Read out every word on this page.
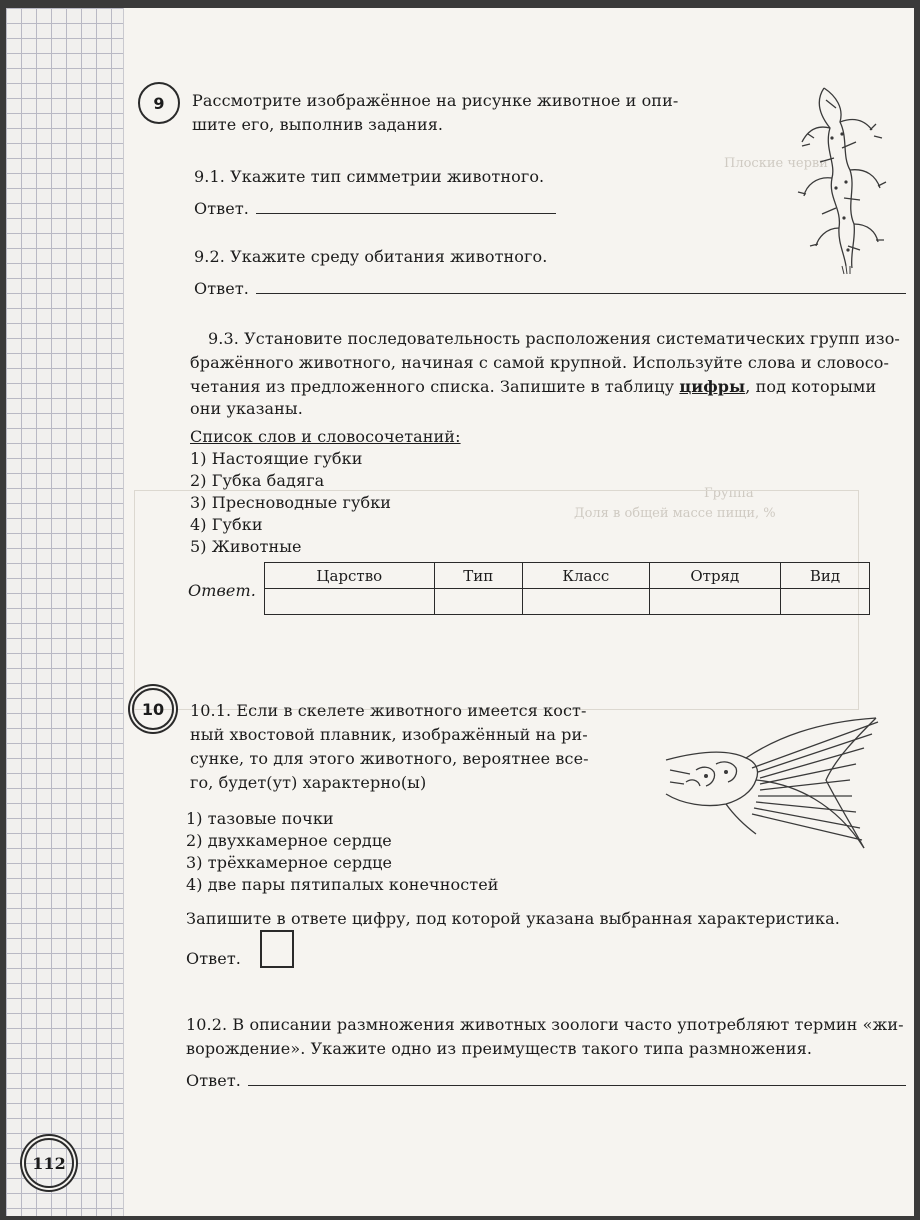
Плоские черви
Группа
Доля в общей массе пищи, %
9 Рассмотрите изображённое на рисунке животное и опи-
шите его, выполнив задания.
9.1. Укажите тип симметрии животного.
Ответ.
9.2. Укажите среду обитания животного.
Ответ.
9.3. Установите последовательность расположения систематических групп изо-
бражённого животного, начиная с самой крупной. Используйте слова и словосо-
четания из предложенного списка. Запишите в таблицу цифры, под которыми
они указаны.
Список слов и словосочетаний:
1) Настоящие губки
2) Губка бадяга
3) Пресноводные губки
4) Губки
5) Животные
Ответ.
Царство	Тип	Класс	Отряд	Вид

10 10.1. Если в скелете животного имеется кост-
ный хвостовой плавник, изображённый на ри-
сунке, то для этого животного, вероятнее все-
го, будет(ут) характерно(ы)
1) тазовые почки
2) двухкамерное сердце
3) трёхкамерное сердце
4) две пары пятипалых конечностей
Запишите в ответе цифру, под которой указана выбранная характеристика.
Ответ.
10.2. В описании размножения животных зоологи часто употребляют термин «жи-
ворождение». Укажите одно из преимуществ такого типа размножения.
Ответ.
112
